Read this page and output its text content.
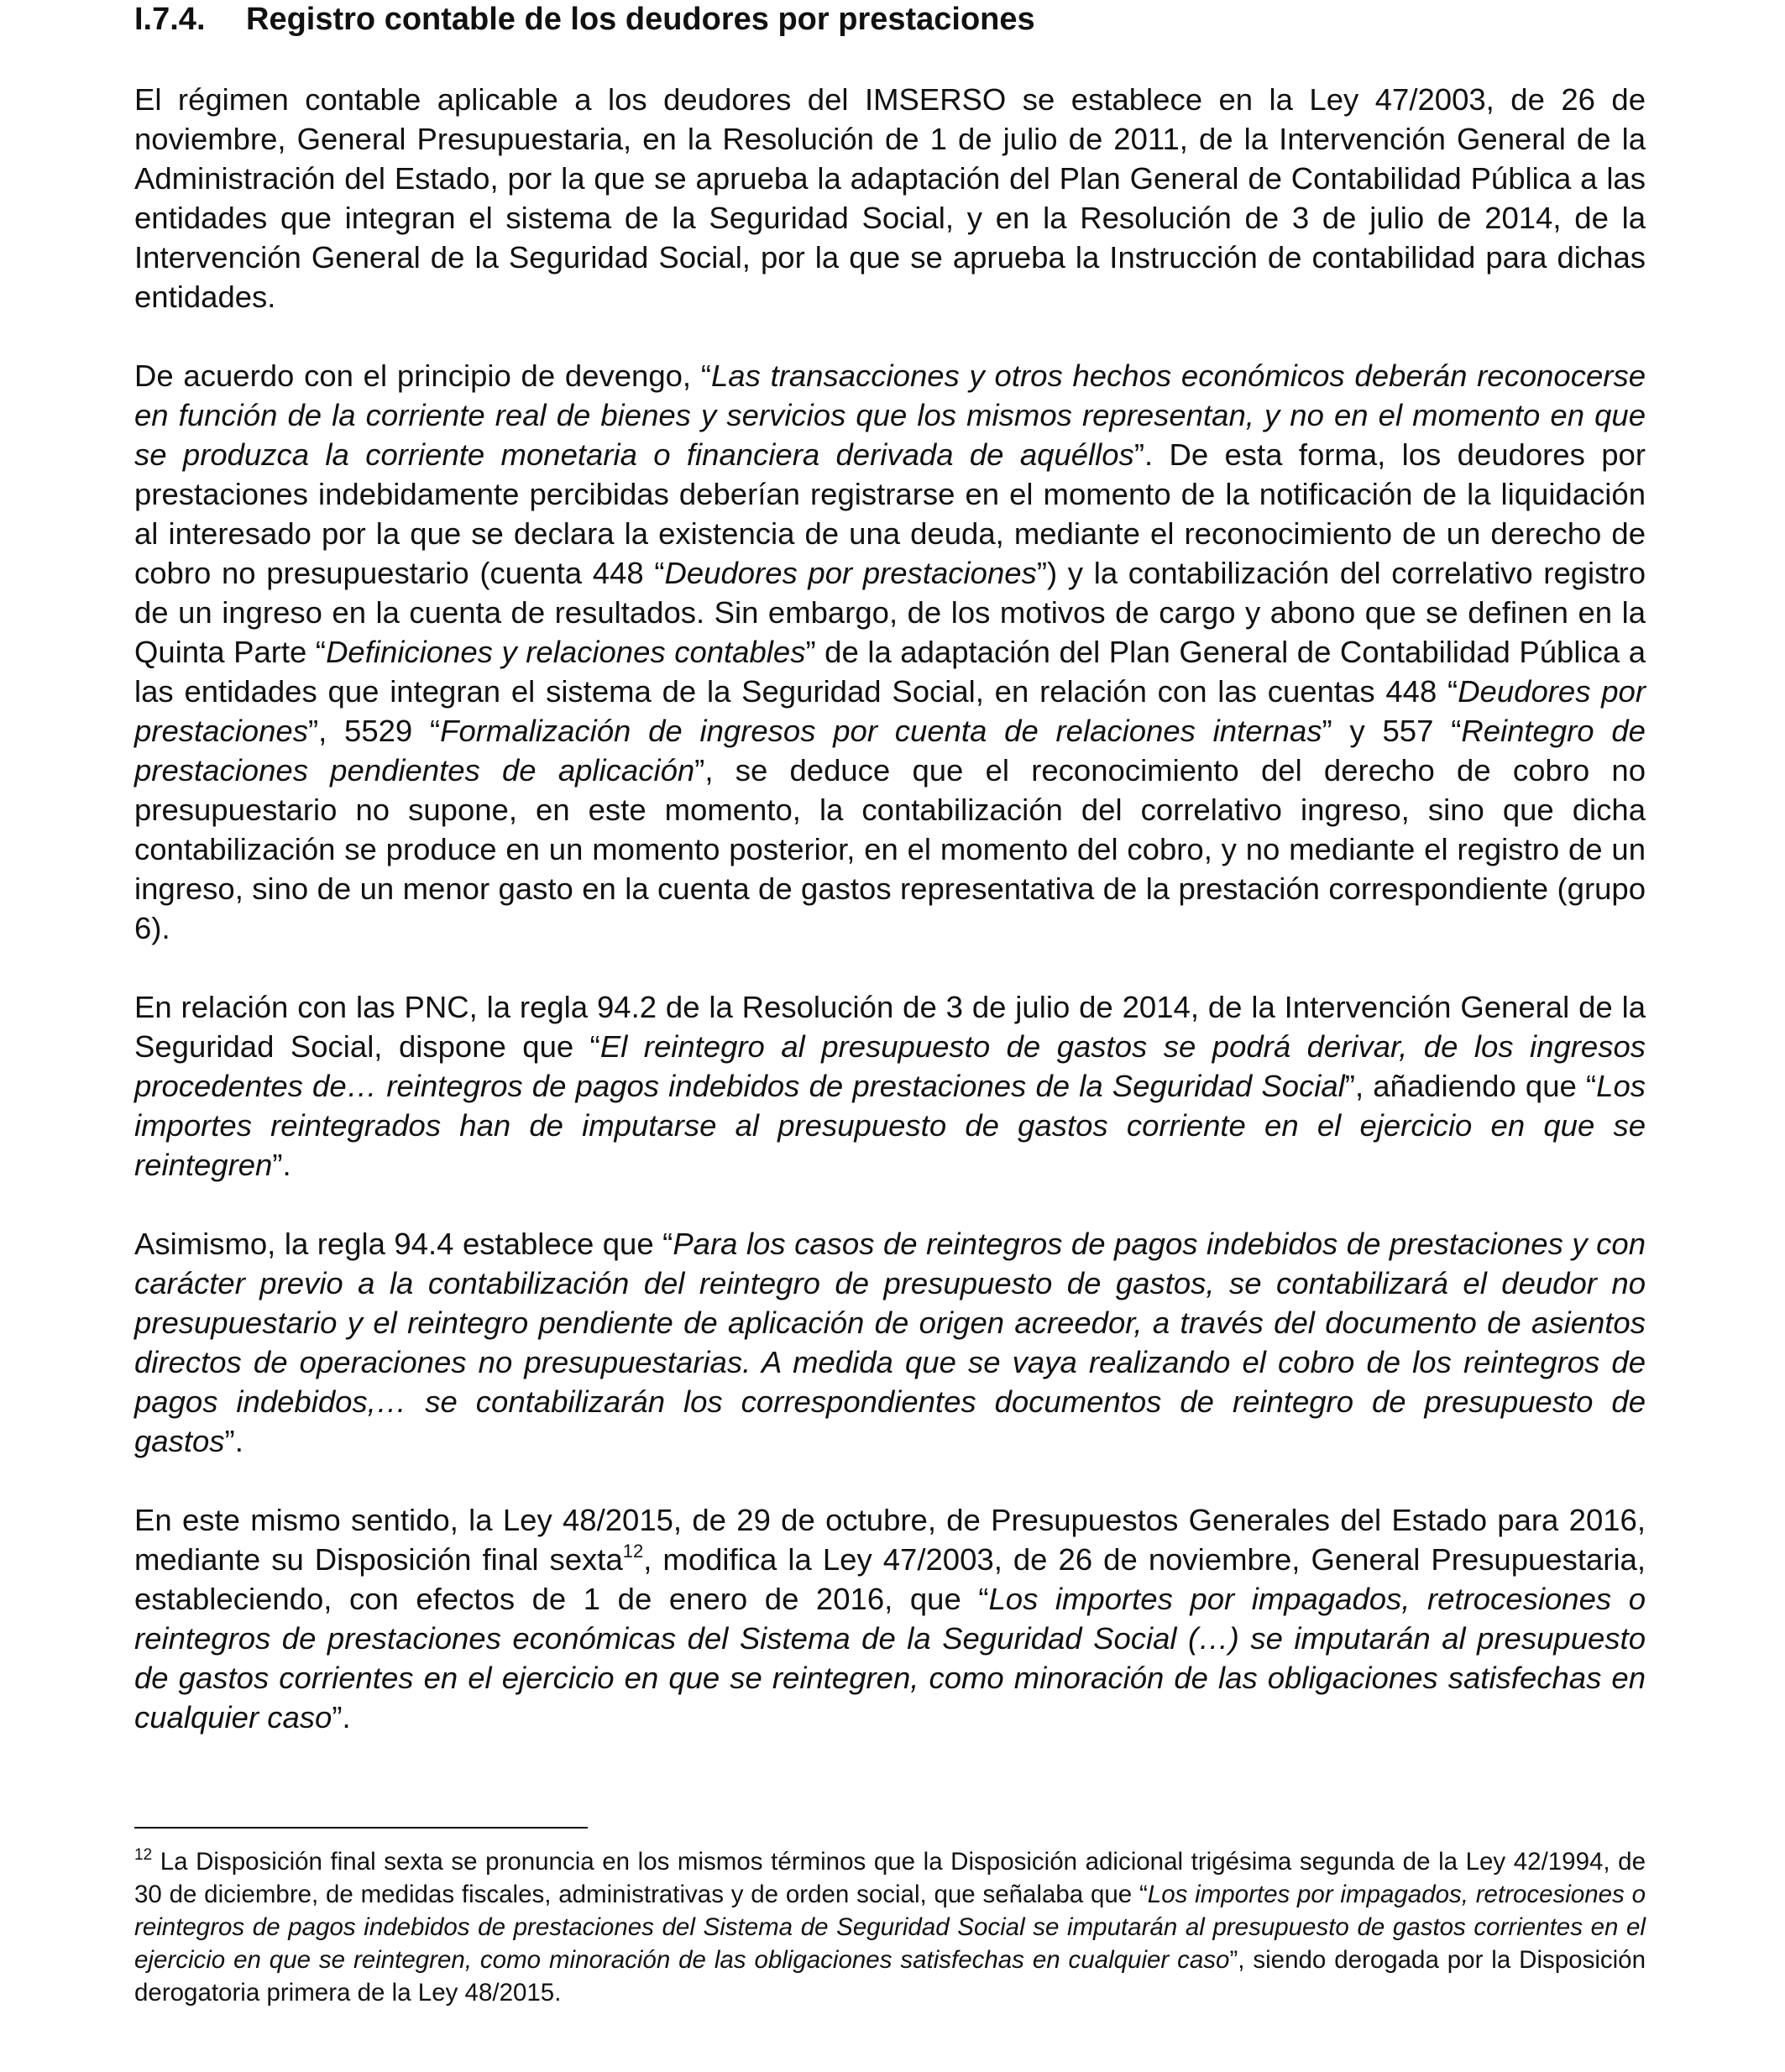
I.7.4. Registro contable de los deudores por prestaciones

El régimen contable aplicable a los deudores del IMSERSO se establece en la Ley 47/2003, de 26 de noviembre, General Presupuestaria, en la Resolución de 1 de julio de 2011, de la Intervención General de la Administración del Estado, por la que se aprueba la adaptación del Plan General de Contabilidad Pública a las entidades que integran el sistema de la Seguridad Social, y en la Resolución de 3 de julio de 2014, de la Intervención General de la Seguridad Social, por la que se aprueba la Instrucción de contabilidad para dichas entidades.

De acuerdo con el principio de devengo, “Las transacciones y otros hechos económicos deberán reconocerse en función de la corriente real de bienes y servicios que los mismos representan, y no en el momento en que se produzca la corriente monetaria o financiera derivada de aquéllos”. De esta forma, los deudores por prestaciones indebidamente percibidas deberían registrarse en el momento de la notificación de la liquidación al interesado por la que se declara la existencia de una deuda, mediante el reconocimiento de un derecho de cobro no presupuestario (cuenta 448 “Deudores por prestaciones”) y la contabilización del correlativo registro de un ingreso en la cuenta de resultados. Sin embargo, de los motivos de cargo y abono que se definen en la Quinta Parte “Definiciones y relaciones contables” de la adaptación del Plan General de Contabilidad Pública a las entidades que integran el sistema de la Seguridad Social, en relación con las cuentas 448 “Deudores por prestaciones”, 5529 “Formalización de ingresos por cuenta de relaciones internas” y 557 “Reintegro de prestaciones pendientes de aplicación”, se deduce que el reconocimiento del derecho de cobro no presupuestario no supone, en este momento, la contabilización del correlativo ingreso, sino que dicha contabilización se produce en un momento posterior, en el momento del cobro, y no mediante el registro de un ingreso, sino de un menor gasto en la cuenta de gastos representativa de la prestación correspondiente (grupo 6).

En relación con las PNC, la regla 94.2 de la Resolución de 3 de julio de 2014, de la Intervención General de la Seguridad Social, dispone que “El reintegro al presupuesto de gastos se podrá derivar, de los ingresos procedentes de… reintegros de pagos indebidos de prestaciones de la Seguridad Social”, añadiendo que “Los importes reintegrados han de imputarse al presupuesto de gastos corriente en el ejercicio en que se reintegren”.

Asimismo, la regla 94.4 establece que “Para los casos de reintegros de pagos indebidos de prestaciones y con carácter previo a la contabilización del reintegro de presupuesto de gastos, se contabilizará el deudor no presupuestario y el reintegro pendiente de aplicación de origen acreedor, a través del documento de asientos directos de operaciones no presupuestarias. A medida que se vaya realizando el cobro de los reintegros de pagos indebidos,… se contabilizarán los correspondientes documentos de reintegro de presupuesto de gastos”.

En este mismo sentido, la Ley 48/2015, de 29 de octubre, de Presupuestos Generales del Estado para 2016, mediante su Disposición final sexta$^{12}$, modifica la Ley 47/2003, de 26 de noviembre, General Presupuestaria, estableciendo, con efectos de 1 de enero de 2016, que “Los importes por impagados, retrocesiones o reintegros de prestaciones económicas del Sistema de la Seguridad Social (…) se imputarán al presupuesto de gastos corrientes en el ejercicio en que se reintegren, como minoración de las obligaciones satisfechas en cualquier caso”.

$^{12}$ La Disposición final sexta se pronuncia en los mismos términos que la Disposición adicional trigésima segunda de la Ley 42/1994, de 30 de diciembre, de medidas fiscales, administrativas y de orden social, que señalaba que “Los importes por impagados, retrocesiones o reintegros de pagos indebidos de prestaciones del Sistema de Seguridad Social se imputarán al presupuesto de gastos corrientes en el ejercicio en que se reintegren, como minoración de las obligaciones satisfechas en cualquier caso”, siendo derogada por la Disposición derogatoria primera de la Ley 48/2015.
